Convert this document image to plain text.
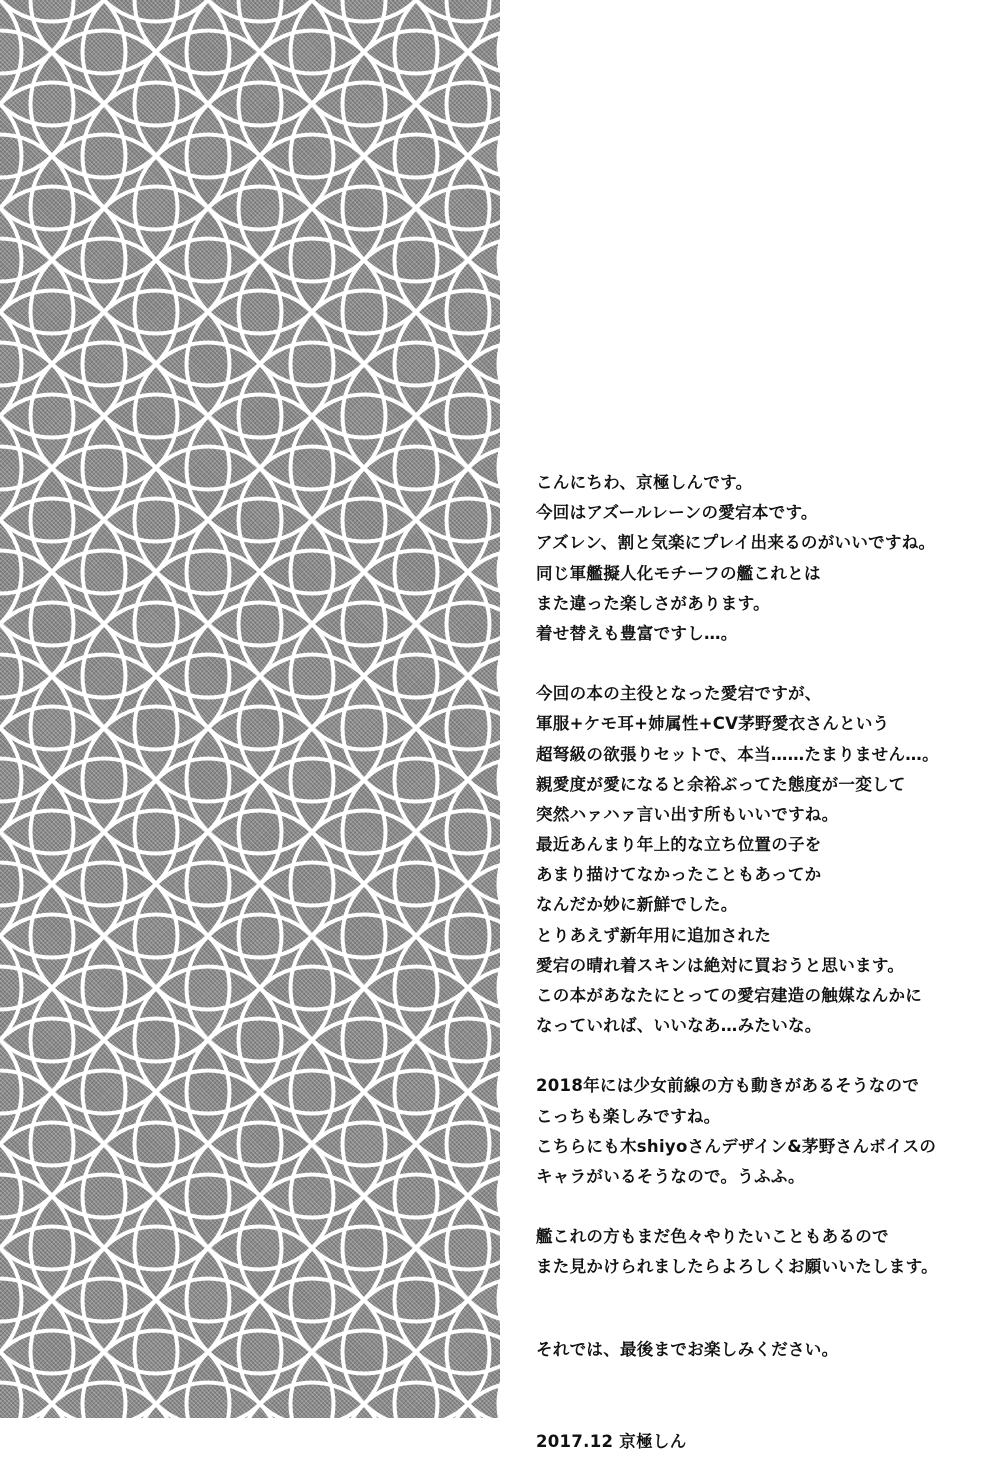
こんにちわ、京極しんです。
今回はアズールレーンの愛宕本です。
アズレン、割と気楽にプレイ出来るのがいいですね。
同じ軍艦擬人化モチーフの艦これとは
また違った楽しさがあります。
着せ替えも豊富ですし…。
今回の本の主役となった愛宕ですが、
軍服+ケモ耳+姉属性+CV茅野愛衣さんという
超弩級の欲張りセットで、本当……たまりません…。
親愛度が愛になると余裕ぶってた態度が一変して
突然ハァハァ言い出す所もいいですね。
最近あんまり年上的な立ち位置の子を
あまり描けてなかったこともあってか
なんだか妙に新鮮でした。
とりあえず新年用に追加された
愛宕の晴れ着スキンは絶対に買おうと思います。
この本があなたにとっての愛宕建造の触媒なんかに
なっていれば、いいなあ…みたいな。
2018年には少女前線の方も動きがあるそうなので
こっちも楽しみですね。
こちらにも木shiyoさんデザイン&茅野さんボイスの
キャラがいるそうなので。うふふ。
艦これの方もまだ色々やりたいこともあるので
また見かけられましたらよろしくお願いいたします。
それでは、最後までお楽しみください。
2017.12 京極しん
